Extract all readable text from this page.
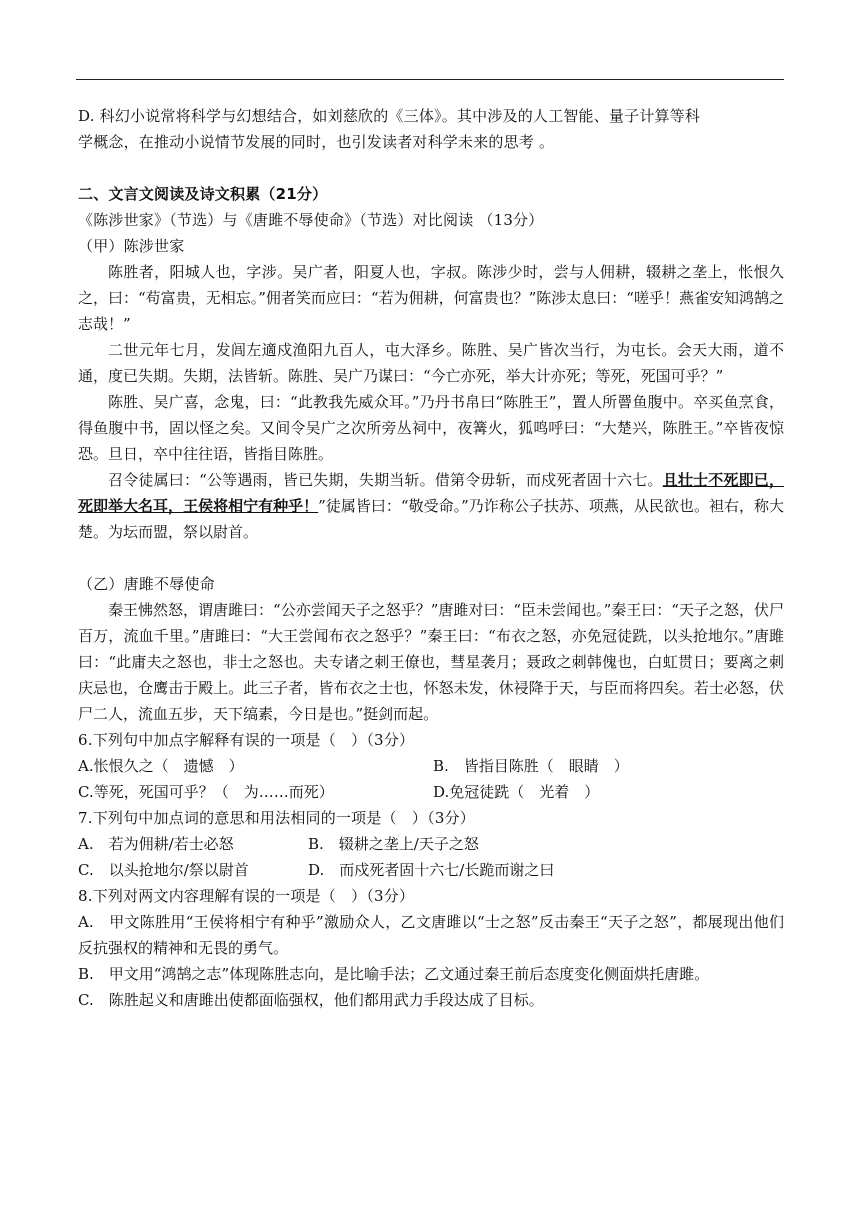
D. 科幻小说常将科学与幻想结合，如刘慈欣的《三体》。其中涉及的人工智能、量子计算等科
学概念，在推动小说情节发展的同时，也引发读者对科学未来的思考 。
二、文言文阅读及诗文积累（21分）
《陈涉世家》（节选）与《唐雎不辱使命》（节选）对比阅读 （13分）
（甲）陈涉世家
陈胜者，阳城人也，字涉。吴广者，阳夏人也，字叔。陈涉少时，尝与人佣耕，辍耕之垄上，怅恨久之，曰：“苟富贵，无相忘。”佣者笑而应曰：“若为佣耕，何富贵也？”陈涉太息曰：“嗟乎！燕雀安知鸿鹄之志哉！”
二世元年七月，发闾左適戍渔阳九百人，屯大泽乡。陈胜、吴广皆次当行，为屯长。会天大雨，道不通，度已失期。失期，法皆斩。陈胜、吴广乃谋曰：“今亡亦死，举大计亦死；等死，死国可乎？”
陈胜、吴广喜，念鬼，曰：“此教我先威众耳。”乃丹书帛曰“陈胜王”，置人所罾鱼腹中。卒买鱼烹食，得鱼腹中书，固以怪之矣。又间令吴广之次所旁丛祠中，夜篝火，狐鸣呼曰：“大楚兴，陈胜王。”卒皆夜惊恐。旦日，卒中往往语，皆指目陈胜。
召令徒属曰：“公等遇雨，皆已失期，失期当斩。借第令毋斩，而戍死者固十六七。且壮士不死即已，死即举大名耳，王侯将相宁有种乎！”徒属皆曰：“敬受命。”乃诈称公子扶苏、项燕，从民欲也。袒右，称大楚。为坛而盟，祭以尉首。
（乙）唐雎不辱使命
秦王怫然怒，谓唐雎曰：“公亦尝闻天子之怒乎？”唐雎对曰：“臣未尝闻也。”秦王曰：“天子之怒，伏尸百万，流血千里。”唐雎曰：“大王尝闻布衣之怒乎？”秦王曰：“布衣之怒，亦免冠徒跣，以头抢地尔。”唐雎曰：“此庸夫之怒也，非士之怒也。夫专诸之刺王僚也，彗星袭月；聂政之刺韩傀也，白虹贯日；要离之刺庆忌也，仓鹰击于殿上。此三子者，皆布衣之士也，怀怒未发，休祲降于天，与臣而将四矣。若士必怒，伏尸二人，流血五步，天下缟素，今日是也。”挺剑而起。
6.下列句中加点字解释有误的一项是（　）（3分）
A.怅恨久之（　遗憾　）	B.　皆指目陈胜（　眼睛　）
C.等死，死国可乎？（　为……而死）	D.免冠徒跣（　光着　）
7.下列句中加点词的意思和用法相同的一项是（　）（3分）
A.　若为佣耕/若士必怒	B.　辍耕之垄上/天子之怒
C.　以头抢地尔/祭以尉首	D.　而戍死者固十六七/长跪而谢之曰
8.下列对两文内容理解有误的一项是（　）（3分）
A.　甲文陈胜用“王侯将相宁有种乎”激励众人，乙文唐雎以“士之怒”反击秦王“天子之怒”，都展现出他们反抗强权的精神和无畏的勇气。
B.　甲文用“鸿鹄之志”体现陈胜志向，是比喻手法；乙文通过秦王前后态度变化侧面烘托唐雎。
C.　陈胜起义和唐雎出使都面临强权，他们都用武力手段达成了目标。
